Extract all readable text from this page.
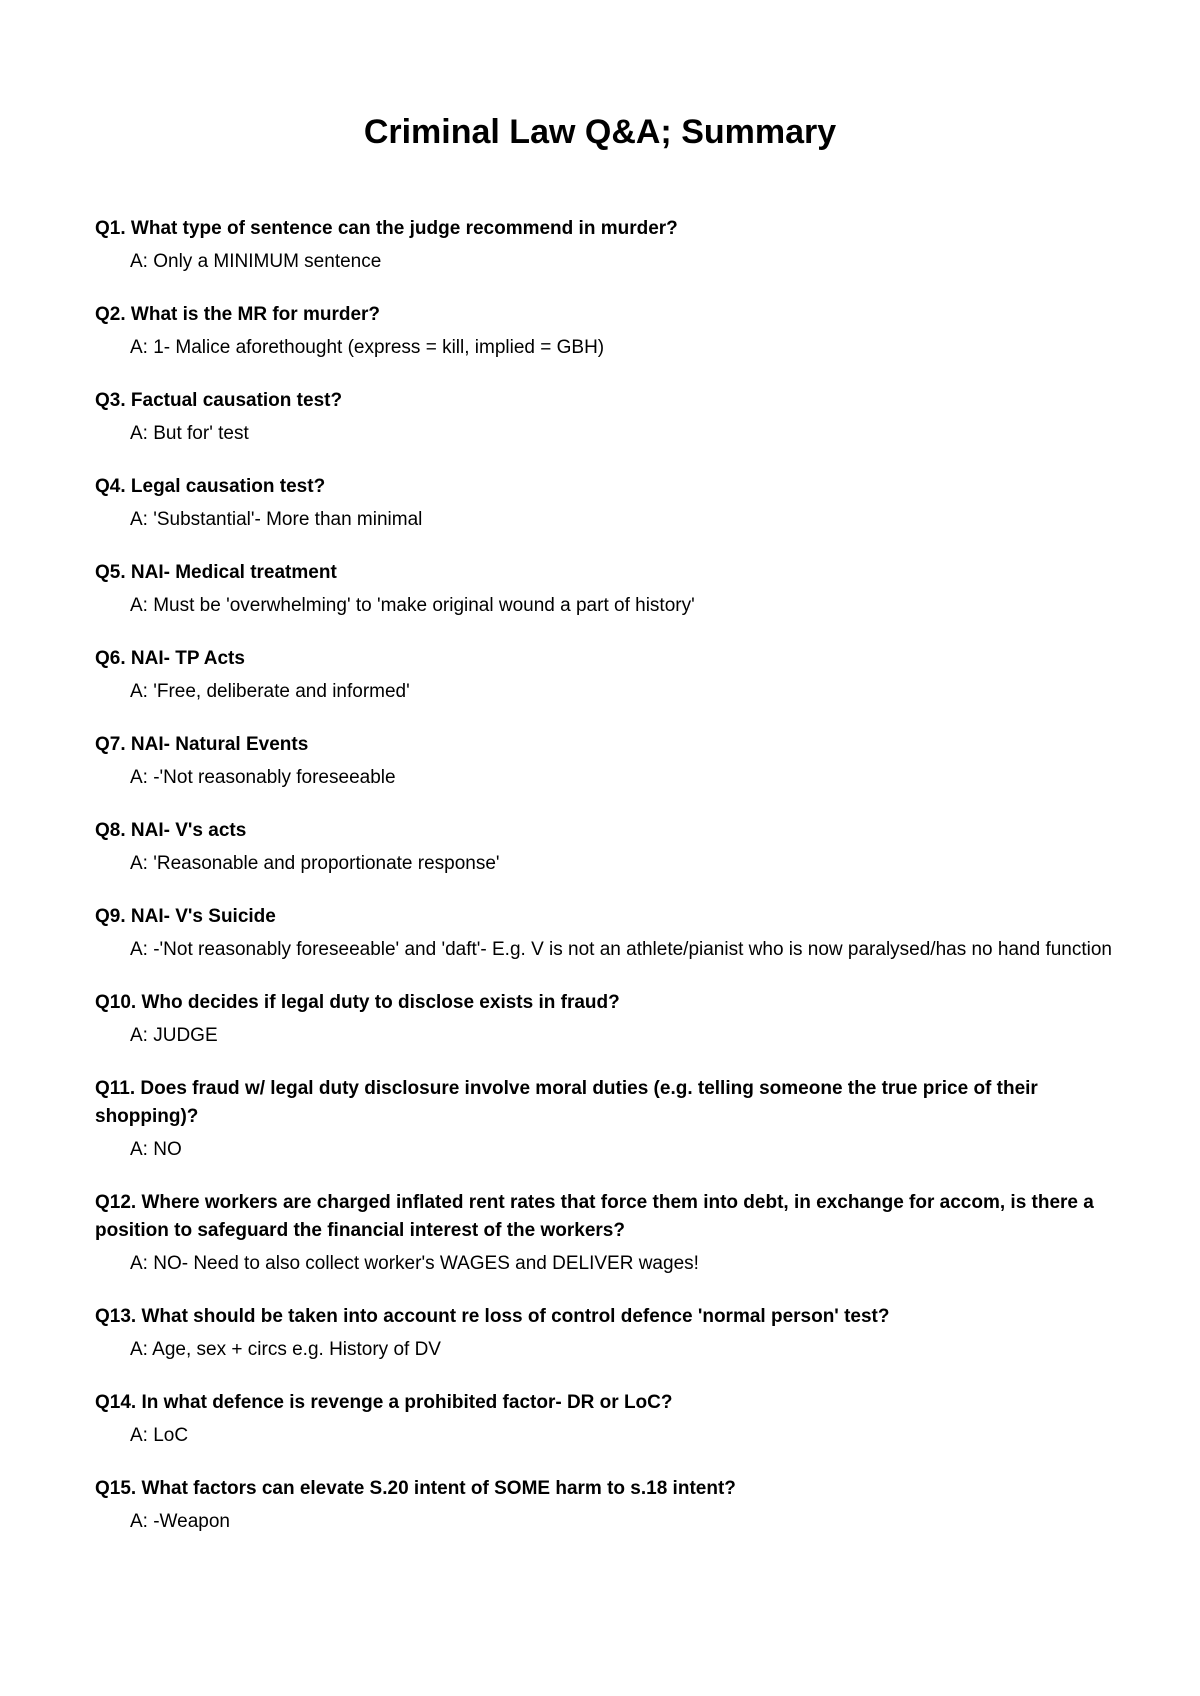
Criminal Law Q&A; Summary
Q1. What type of sentence can the judge recommend in murder?
A: Only a MINIMUM sentence
Q2. What is the MR for murder?
A: 1- Malice aforethought (express = kill, implied = GBH)
Q3. Factual causation test?
A: But for' test
Q4. Legal causation test?
A: 'Substantial'- More than minimal
Q5. NAI- Medical treatment
A: Must be 'overwhelming' to 'make original wound a part of history'
Q6. NAI- TP Acts
A: 'Free, deliberate and informed'
Q7. NAI- Natural Events
A: -'Not reasonably foreseeable
Q8. NAI- V's acts
A: 'Reasonable and proportionate response'
Q9. NAI- V's Suicide
A: -'Not reasonably foreseeable' and 'daft'- E.g. V is not an athlete/pianist who is now paralysed/has no hand function
Q10. Who decides if legal duty to disclose exists in fraud?
A: JUDGE
Q11. Does fraud w/ legal duty disclosure involve moral duties (e.g. telling someone the true price of their shopping)?
A: NO
Q12. Where workers are charged inflated rent rates that force them into debt, in exchange for accom, is there a position to safeguard the financial interest of the workers?
A: NO- Need to also collect worker's WAGES and DELIVER wages!
Q13. What should be taken into account re loss of control defence 'normal person' test?
A: Age, sex + circs e.g. History of DV
Q14. In what defence is revenge a prohibited factor- DR or LoC?
A: LoC
Q15. What factors can elevate S.20 intent of SOME harm to s.18 intent?
A: -Weapon
